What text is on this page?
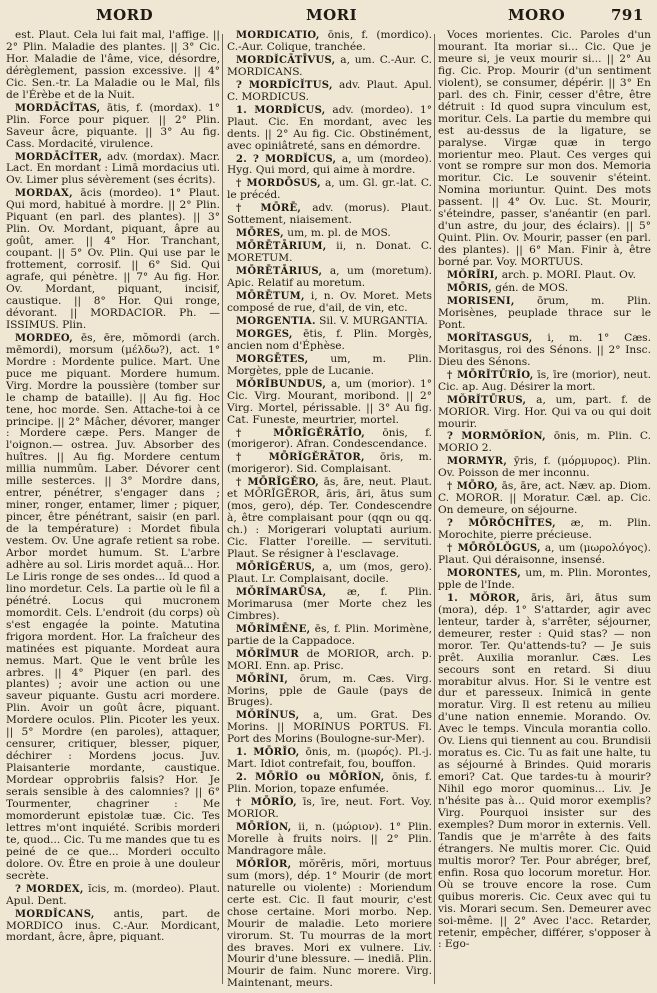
MORD	MORI	MORO	791

est. Plaut. Cela lui fait mal, l'affige. || 2° Plin. Maladie des plantes. || 3° Cic. Hor. Maladie de l'âme, vice, désordre, dérèglement, passion excessive. || 4° Cic. Sen.-tr. La Maladie ou le Mal, fils de l'Érèbe et de la Nuit.

MORDĀCĬTAS, ātis, f. (mordax). 1° Plin. Force pour piquer. || 2° Plin. Saveur âcre, piquante. || 3° Au fig. Cass. Mordacité, virulence.

MORDĀCĬTER, adv. (mordax). Macr. Lact. En mordant : Limā mordacius uti. Ov. Limer plus sévèrement (ses écrits).

MORDAX, ācis (mordeo). 1° Plaut. Qui mord, habitué à mordre. || 2° Plin. Piquant (en parl. des plantes). || 3° Plin. Ov. Mordant, piquant, âpre au goût, amer. || 4° Hor. Tranchant, coupant. || 5° Ov. Plin. Qui use par le frottement, corrosif. || 6° Sid. Qui agrafe, qui pénètre. || 7° Au fig. Hor. Ov. Mordant, piquant, incisif, caustique. || 8° Hor. Qui ronge, dévorant. || MORDACIOR. Ph. — ISSIMUS. Plin.

MORDEO, ēs, ēre, mŏmordi (arch. mēmordi), morsum (μέλδω?), act. 1° Mordre : Mordente pulice. Mart. Une puce me piquant. Mordere humum. Virg. Mordre la poussière (tomber sur le champ de bataille). || Au fig. Hoc tene, hoc morde. Sen. Attache-toi à ce principe. || 2° Mâcher, dévorer, manger : Mordere cæpe. Pers. Manger de l'oignon.— ostrea. Juv. Absorber des huîtres. || Au fig. Mordere centum millia nummûm. Laber. Dévorer cent mille sesterces. || 3° Mordre dans, entrer, pénétrer, s'engager dans ; miner, ronger, entamer, limer ; piquer, pincer, être pénétrant, saisir (en parl. de la température) : Mordet fibula vestem. Ov. Une agrafe retient sa robe. Arbor mordet humum. St. L'arbre adhère au sol. Liris mordet aquā... Hor. Le Liris ronge de ses ondes... Id quod a lino mordetur. Cels. La partie où le fil a pénétré. Locus qui mucronem momordit. Cels. L'endroit (du corps) où s'est engagée la pointe. Matutina frigora mordent. Hor. La fraîcheur des matinées est piquante. Mordeat aura nemus. Mart. Que le vent brûle les arbres. || 4° Piquer (en parl. des plantes) ; avoir une action ou une saveur piquante. Gustu acri mordere. Plin. Avoir un goût âcre, piquant. Mordere oculos. Plin. Picoter les yeux. || 5° Mordre (en paroles), attaquer, censurer, critiquer, blesser, piquer, déchirer : Mordens jocus. Juv. Plaisanterie mordante, caustique. Mordear opprobriis falsis? Hor. Je serais sensible à des calomnies? || 6° Tourmenter, chagriner : Me momorderunt epistolæ tuæ. Cic. Tes lettres m'ont inquiété. Scribis morderi te, quod... Cic. Tu me mandes que tu es peiné de ce que... Morderi occulto dolore. Ov. Être en proie à une douleur secrète.

? MORDEX, ĭcis, m. (mordeo). Plaut. Apul. Dent.

MORDĬCANS, antis, part. de MORDICO inus. C.-Aur. Mordicant, mordant, âcre, âpre, piquant.

MORDĬCĀTĬO, ōnis, f. (mordico). C.-Aur. Colique, tranchée.

MORDĬCĀTĪVUS, a, um. C.-Aur. C. MORDICANS.

? MORDĬCĬTUS, adv. Plaut. Apul. C. MORDICUS.

1. MORDĬCUS, adv. (mordeo). 1° Plaut. Cic. En mordant, avec les dents. || 2° Au fig. Cic. Obstinément, avec opiniâtreté, sans en démordre.

2. ? MORDĬCUS, a, um (mordeo). Hyg. Qui mord, qui aime à mordre.

† MORDŌSUS, a, um. Gl. gr.-lat. C. le précéd.

† MŌRĒ, adv. (morus). Plaut. Sottement, niaisement.

MŌRES, um, m. pl. de MOS.

MŌRĒTĀRIUM, ii, n. Donat. C. MORETUM.

MŌRĒTĀRIUS, a, um (moretum). Apic. Relatif au moretum.

MŌRĒTUM, i, n. Ov. Moret. Mets composé de rue, d'ail, de vin, etc.

MORGENTIA. Sil. V. MURGANTIA.

MORGES, ētis, f. Plin. Morgès, ancien nom d'Éphèse.

MORGĒTES, um, m. Plin. Morgètes, pple de Lucanie.

MŎRĬBUNDUS, a, um (morior). 1° Cic. Virg. Mourant, moribond. || 2° Virg. Mortel, périssable. || 3° Au fig. Cat. Funeste, meurtrier, mortel.

† MŌRĬGĔRĀTĬO, ōnis, f. (morigeror). Afran. Condescendance.

† MŌRĬGĔRĀTOR, ōris, m. (morigeror). Sid. Complaisant.

† MŌRĬGĔRO, ās, āre, neut. Plaut. et MŌRĬGĔROR, āris, āri, ātus sum (mos, gero), dép. Ter. Condescendre à, être complaisant pour (qqn ou qq. ch.) : Morigerari voluptati aurium. Cic. Flatter l'oreille. — servituti. Plaut. Se résigner à l'esclavage.

MŌRĬGĔRUS, a, um (mos, gero). Plaut. Lr. Complaisant, docile.

MŎRĬMARŪSA, æ, f. Plin. Morimarusa (mer Morte chez les Cimbres).

MŎRĬMĒNE, ēs, f. Plin. Morimène, partie de la Cappadoce.

MŎRĬMUR de MORIOR, arch. p. MORI. Enn. ap. Prisc.

MŎRĬNI, ōrum, m. Cæs. Virg. Morins, pple de Gaule (pays de Bruges).

MŎRĬNUS, a, um. Grat. Des Morins. || MORINUS PORTUS. Fl. Port des Morins (Boulogne-sur-Mer).

1. MŌRĬO, ōnis, m. (μωρός). Pl.-j. Mart. Idiot contrefait, fou, bouffon.

2. MŌRĬO ou MŌRĬON, ōnis, f. Plin. Morion, topaze enfumée.

† MŌRĬO, īs, īre, neut. Fort. Voy. MORIOR.

MŌRĬON, ii, n. (μώριον). 1° Plin. Morelle à fruits noirs. || 2° Plin. Mandragore mâle.

MŎRĬOR, mŏrĕris, mŏri, mortuus sum (mors), dép. 1° Mourir (de mort naturelle ou violente) : Moriendum certe est. Cic. Il faut mourir, c'est chose certaine. Mori morbo. Nep. Mourir de maladie. Leto moriere virorum. St. Tu mourras de la mort des braves. Mori ex vulnere. Liv. Mourir d'une blessure. — inediā. Plin. Mourir de faim. Nunc morere. Virg. Maintenant, meurs.

Voces morientes. Cic. Paroles d'un mourant. Ita moriar si... Cic. Que je meure si, je veux mourir si... || 2° Au fig. Cic. Prop. Mourir (d'un sentiment violent), se consumer, dépérir. || 3° En parl. des ch. Finir, cesser d'être, être détruit : Id quod supra vinculum est, moritur. Cels. La partie du membre qui est au-dessus de la ligature, se paralyse. Virgæ quæ in tergo morientur meo. Plaut. Ces verges qui vont se rompre sur mon dos. Memoria moritur. Cic. Le souvenir s'éteint. Nomina moriuntur. Quint. Des mots passent. || 4° Ov. Luc. St. Mourir, s'éteindre, passer, s'anéantir (en parl. d'un astre, du jour, des éclairs). || 5° Quint. Plin. Ov. Mourir, passer (en parl. des plantes). || 6° Man. Finir à, être borné par. Voy. MORTUUS.

MŎRĬRI, arch. p. MORI. Plaut. Ov.

MŌRIS, gén. de MOS.

MORISENI, ōrum, m. Plin. Morisènes, peuplade thrace sur le Pont.

MORĬTASGUS, i, m. 1° Cæs. Moritasgus, roi des Sénons. || 2° Insc. Dieu des Sénons.

† MŌRĬTŪRĬO, īs, īre (morior), neut. Cic. ap. Aug. Désirer la mort.

MŎRĬTŪRUS, a, um, part. f. de MORIOR. Virg. Hor. Qui va ou qui doit mourir.

? MORMŎRĬON, ōnis, m. Plin. C. MORIO 2.

MORMYR, ȳris, f. (μόρμυρος). Plin. Ov. Poisson de mer inconnu.

† MŌRO, ās, āre, act. Næv. ap. Diom. C. MOROR. || Moratur. Cæl. ap. Cic. On demeure, on séjourne.

? MŌRŎCHĪTES, æ, m. Plin. Morochite, pierre précieuse.

† MŌRŎLŎGUS, a, um (μωρολόγος). Plaut. Qui déraisonne, insensé.

MORONTES, um, m. Plin. Morontes, pple de l'Inde.

1. MŎROR, āris, āri, ātus sum (mora), dép. 1° S'attarder, agir avec lenteur, tarder à, s'arrêter, séjourner, demeurer, rester : Quid stas? — non moror. Ter. Qu'attends-tu? — Je suis prêt. Auxilia moranlur. Cæs. Les secours sont en retard. Si diuu morabitur alvus. Hor. Si le ventre est dur et paresseux. Inimicā in gente moratur. Virg. Il est retenu au milieu d'une nation ennemie. Morando. Ov. Avec le temps. Vincula morantia collo. Ov. Liens qui tiennent au cou. Brundisii moratus es. Cic. Tu as fait une halte, tu as séjourné à Brindes. Quid moraris emori? Cat. Que tardes-tu à mourir? Nihil ego moror quominus... Liv. Je n'hésite pas à... Quid moror exemplis? Virg. Pourquoi insister sur des exemples? Dum moror in externis. Vell. Tandis que je m'arrête à des faits étrangers. Ne multis morer. Cic. Quid multis moror? Ter. Pour abréger, bref, enfin. Rosa quo locorum moretur. Hor. Où se trouve encore la rose. Cum quibus moreris. Cic. Ceux avec qui tu vis. Morari secum. Sen. Demeurer avec soi-même. || 2° Avec l'acc. Retarder, retenir, empêcher, différer, s'opposer à : Ego-
